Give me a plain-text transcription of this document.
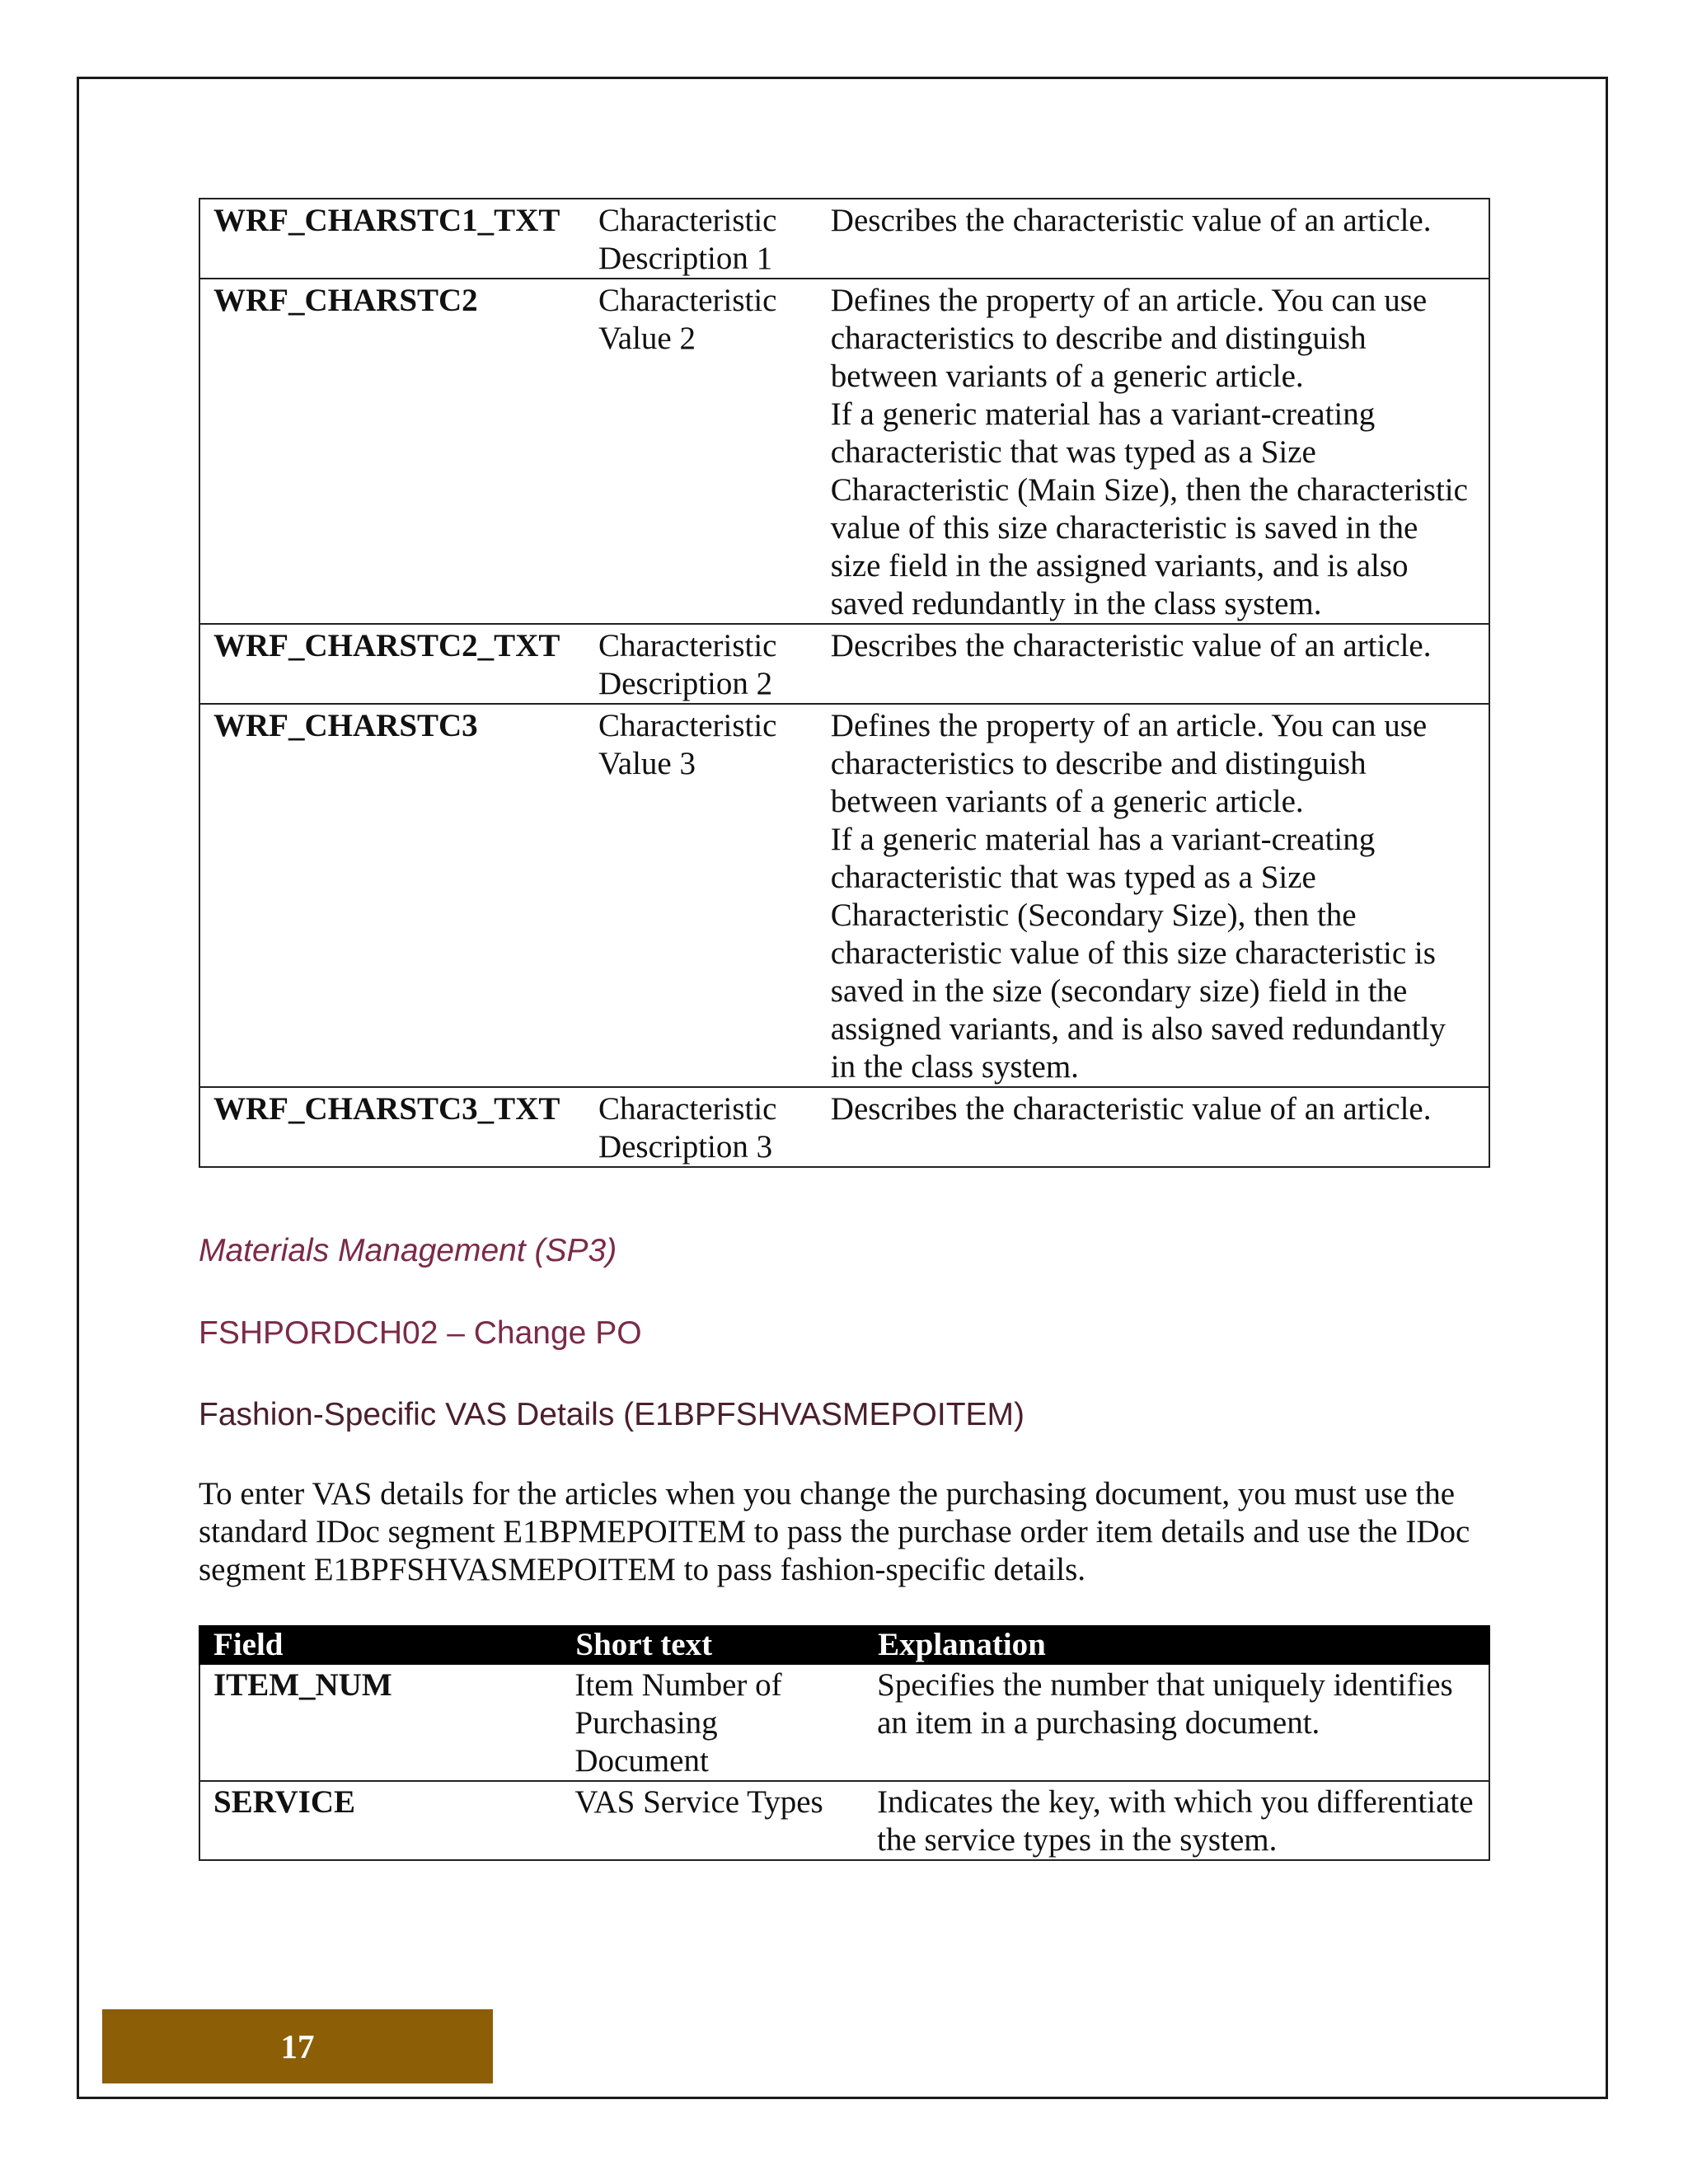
WRF_CHARSTC1_TXT	Characteristic Description 1	Describes the characteristic value of an article.
WRF_CHARSTC2	Characteristic Value 2	Defines the property of an article. You can use characteristics to describe and distinguish between variants of a generic article.
If a generic material has a variant-creating characteristic that was typed as a Size Characteristic (Main Size), then the characteristic value of this size characteristic is saved in the size field in the assigned variants, and is also saved redundantly in the class system.

WRF_CHARSTC2_TXT	Characteristic Description 2	Describes the characteristic value of an article.
WRF_CHARSTC3	Characteristic Value 3	Defines the property of an article. You can use characteristics to describe and distinguish between variants of a generic article.
If a generic material has a variant-creating characteristic that was typed as a Size Characteristic (Secondary Size), then the characteristic value of this size characteristic is saved in the size (secondary size) field in the assigned variants, and is also saved redundantly in the class system.

WRF_CHARSTC3_TXT	Characteristic Description 3	Describes the characteristic value of an article.
Materials Management (SP3)
FSHPORDCH02 – Change PO
Fashion-Specific VAS Details (E1BPFSHVASMEPOITEM)
To enter VAS details for the articles when you change the purchasing document, you must use the standard IDoc segment E1BPMEPOITEM to pass the purchase order item details and use the IDoc segment E1BPFSHVASMEPOITEM to pass fashion-specific details.
Field	Short text	Explanation
ITEM_NUM	Item Number of Purchasing Document	Specifies the number that uniquely identifies an item in a purchasing document.
SERVICE	VAS Service Types	Indicates the key, with which you differentiate the service types in the system.
17
